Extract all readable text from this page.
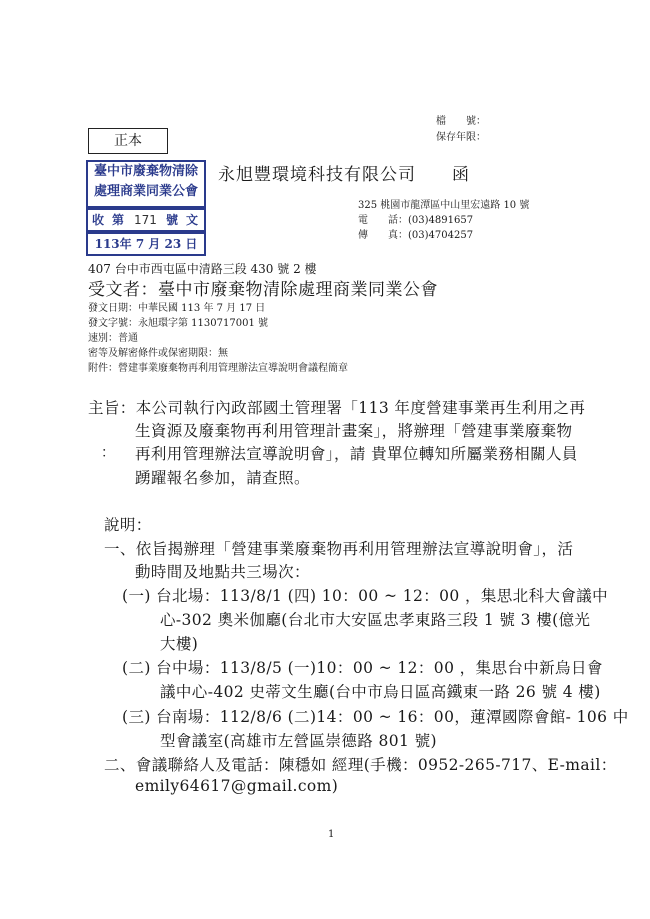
檔　　號：
保存年限：
正本
臺中市廢棄物清除
處理商業同業公會
收 第 171 號 文
113年 7 月 23 日
永旭豐環境科技有限公司　　函
325 桃園市龍潭區中山里宏遠路 10 號
電　　話：(03)4891657
傳　　真：(03)4704257
407 台中市西屯區中清路三段 430 號 2 樓
受文者：臺中市廢棄物清除處理商業同業公會
發文日期：中華民國 113 年 7 月 17 日
發文字號：永旭環字第 1130717001 號
速別：普通
密等及解密條件或保密期限：無
附件：營建事業廢棄物再利用管理辦法宣導說明會議程簡章
主旨：本公司執行內政部國土管理署「113 年度營建事業再生利用之再
生資源及廢棄物再利用管理計畫案」，將辦理「營建事業廢棄物
： 再利用管理辦法宣導說明會」，請 貴單位轉知所屬業務相關人員
踴躍報名參加，請查照。
說明：
一、依旨揭辦理「營建事業廢棄物再利用管理辦法宣導說明會」，活
動時間及地點共三場次：
(一) 台北場：113/8/1 (四) 10：00 ~ 12：00 ，集思北科大會議中
心-302 奧米伽廳(台北市大安區忠孝東路三段 1 號 3 樓(億光
大樓)
(二) 台中場：113/8/5 (一)10：00 ~ 12：00 ，集思台中新烏日會
議中心-402 史蒂文生廳(台中市烏日區高鐵東一路 26 號 4 樓)
(三) 台南場：112/8/6 (二)14：00 ~ 16：00，蓮潭國際會館- 106 中
型會議室(高雄市左營區崇德路 801 號)
二、會議聯絡人及電話：陳穩如 經理(手機：0952-265-717、E-mail：
emily64617@gmail.com)
1
